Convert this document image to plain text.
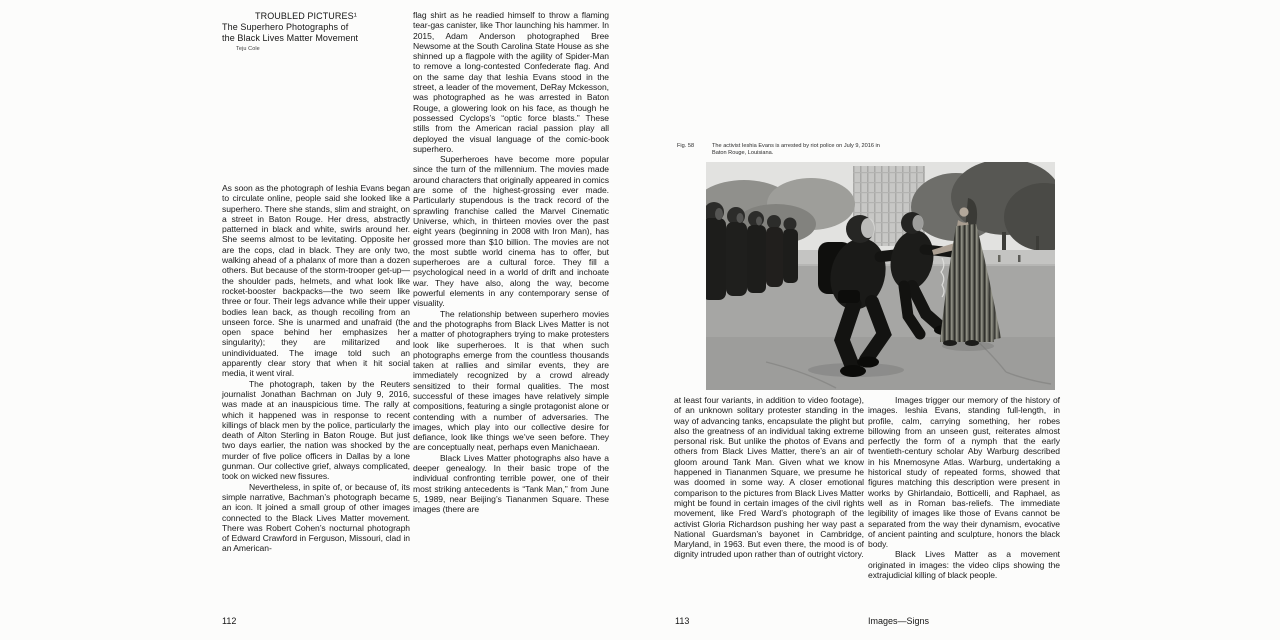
TROUBLED PICTURES¹
The Superhero Photographs of
the Black Lives Matter Movement
Teju Cole

As soon as the photograph of Ieshia Evans began to circulate online, people said she looked like a superhero. There she stands, slim and straight, on a street in Baton Rouge. Her dress, abstractly patterned in black and white, swirls around her. She seems almost to be levitating. Opposite her are the cops, clad in black. They are only two, walking ahead of a phalanx of more than a dozen others. But because of the storm-trooper get-up—the shoulder pads, helmets, and what look like rocket-booster backpacks—the two seem like three or four. Their legs advance while their upper bodies lean back, as though recoiling from an unseen force. She is unarmed and unafraid (the open space behind her emphasizes her singularity); they are militarized and unindividuated. The image told such an apparently clear story that when it hit social media, it went viral.

The photograph, taken by the Reuters journalist Jonathan Bachman on July 9, 2016, was made at an inauspicious time. The rally at which it happened was in response to recent killings of black men by the police, particularly the death of Alton Sterling in Baton Rouge. But just two days earlier, the nation was shocked by the murder of five police officers in Dallas by a lone gunman. Our collective grief, always complicated, took on wicked new fissures.

Nevertheless, in spite of, or because of, its simple narrative, Bachman’s photograph became an icon. It joined a small group of other images connected to the Black Lives Matter movement. There was Robert Cohen’s nocturnal photograph of Edward Crawford in Ferguson, Missouri, clad in an American-

flag shirt as he readied himself to throw a flaming tear-gas canister, like Thor launching his hammer. In 2015, Adam Anderson photographed Bree Newsome at the South Carolina State House as she shinned up a flagpole with the agility of Spider-Man to remove a long-contested Confederate flag. And on the same day that Ieshia Evans stood in the street, a leader of the movement, DeRay Mckesson, was photographed as he was arrested in Baton Rouge, a glowering look on his face, as though he possessed Cyclops’s “optic force blasts.” These stills from the American racial passion play all deployed the visual language of the comic-book superhero.

Superheroes have become more popular since the turn of the millennium. The movies made around characters that originally appeared in comics are some of the highest-grossing ever made. Particularly stupendous is the track record of the sprawling franchise called the Marvel Cinematic Universe, which, in thirteen movies over the past eight years (beginning in 2008 with Iron Man), has grossed more than $10 billion. The movies are not the most subtle world cinema has to offer, but superheroes are a cultural force. They fill a psychological need in a world of drift and inchoate war. They have also, along the way, become powerful elements in any contemporary sense of visuality.

The relationship between superhero movies and the photographs from Black Lives Matter is not a matter of photographers trying to make protesters look like superheroes. It is that when such photographs emerge from the countless thousands taken at rallies and similar events, they are immediately recognized by a crowd already sensitized to their formal qualities. The most successful of these images have relatively simple compositions, featuring a single protagonist alone or contending with a number of adversaries. The images, which play into our collective desire for defiance, look like things we’ve seen before. They are conceptually neat, perhaps even Manichaean.

Black Lives Matter photographs also have a deeper genealogy. In their basic trope of the individual confronting terrible power, one of their most striking antecedents is “Tank Man,” from June 5, 1989, near Beijing’s Tiananmen Square. These images (there are

Fig. 58	The activist Ieshia Evans is arrested by riot police on July 9, 2016 in Baton Rouge, Louisiana.

at least four variants, in addition to video footage), of an unknown solitary protester standing in the way of advancing tanks, encapsulate the plight but also the greatness of an individual taking extreme personal risk. But unlike the photos of Evans and others from Black Lives Matter, there’s an air of gloom around Tank Man. Given what we know happened in Tiananmen Square, we presume he was doomed in some way. A closer emotional comparison to the pictures from Black Lives Matter might be found in certain images of the civil rights movement, like Fred Ward’s photograph of the activist Gloria Richardson pushing her way past a National Guardsman’s bayonet in Cambridge, Maryland, in 1963. But even there, the mood is of dignity intruded upon rather than of outright victory.

Images trigger our memory of the history of images. Ieshia Evans, standing full-length, in profile, calm, carrying something, her robes billowing from an unseen gust, reiterates almost perfectly the form of a nymph that the early twentieth-century scholar Aby Warburg described in his Mnemosyne Atlas. Warburg, undertaking a historical study of repeated forms, showed that figures matching this description were present in works by Ghirlandaio, Botticelli, and Raphael, as well as in Roman bas-reliefs. The immediate legibility of images like those of Evans cannot be separated from the way their dynamism, evocative of ancient painting and sculpture, honors the black body.

Black Lives Matter as a movement originated in images: the video clips showing the extrajudicial killing of black people.

112	113	Images—Signs
